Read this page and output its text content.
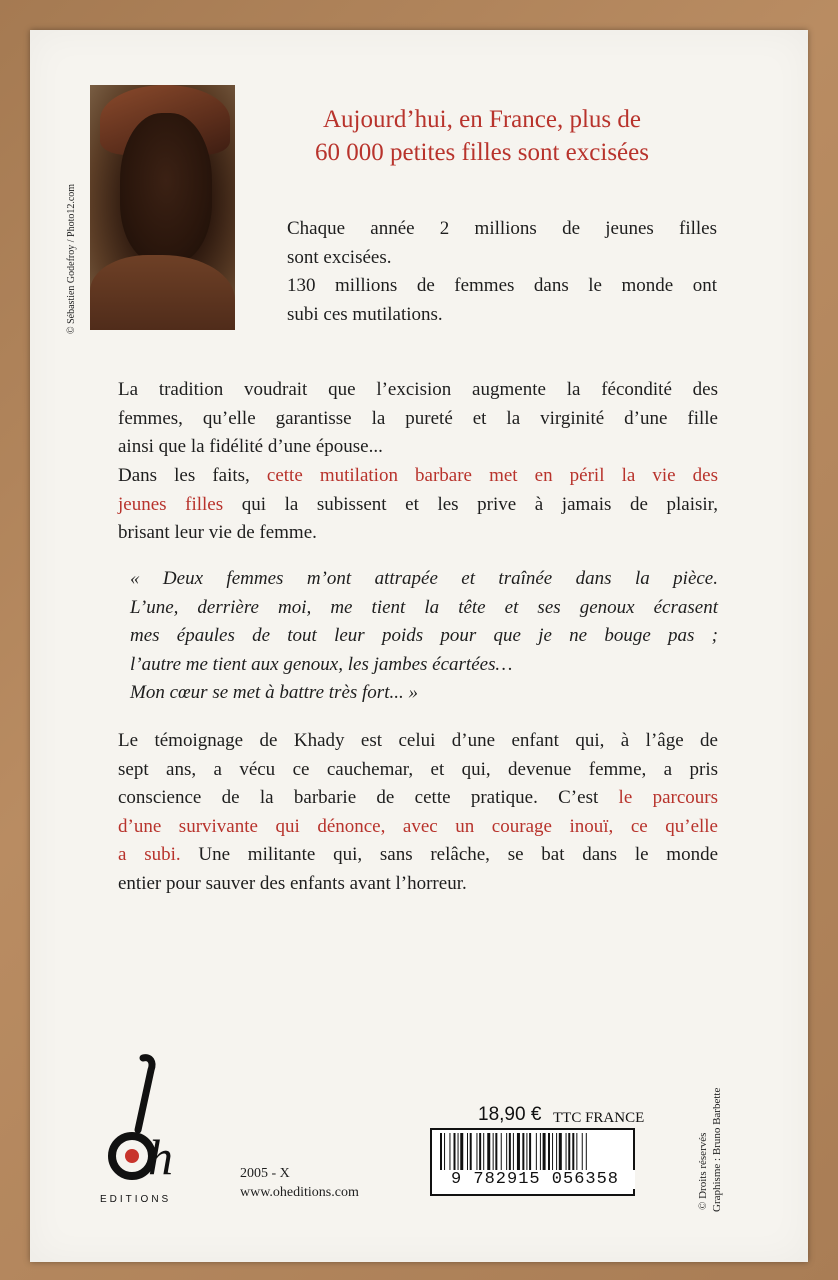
© Sébastien Godefroy / Photo12.com
Aujourd’hui, en France, plus de
60 000 petites filles sont excisées

Chaque année 2 millions de jeunes filles
sont excisées.
130 millions de femmes dans le monde ont
subi ces mutilations.

La tradition voudrait que l’excision augmente la fécondité des
femmes, qu’elle garantisse la pureté et la virginité d’une fille
ainsi que la fidélité d’une épouse...

Dans les faits, cette mutilation barbare met en péril la vie des
jeunes filles qui la subissent et les prive à jamais de plaisir,
brisant leur vie de femme.

« Deux femmes m’ont attrapée et traînée dans la pièce.
L’une, derrière moi, me tient la tête et ses genoux écrasent
mes épaules de tout leur poids pour que je ne bouge pas ;
l’autre me tient aux genoux, les jambes écartées…
Mon cœur se met à battre très fort... »

Le témoignage de Khady est celui d’une enfant qui, à l’âge de
sept ans, a vécu ce cauchemar, et qui, devenue femme, a pris
conscience de la barbarie de cette pratique. C’est le parcours
d’une survivante qui dénonce, avec un courage inouï, ce qu’elle
a subi. Une militante qui, sans relâche, se bat dans le monde
entier pour sauver des enfants avant l’horreur.

h
EDITIONS
2005 - X
www.oheditions.com
18,90 € TTC FRANCE
9 782915 056358	© Droits réservés Graphisme : Bruno Barbette
